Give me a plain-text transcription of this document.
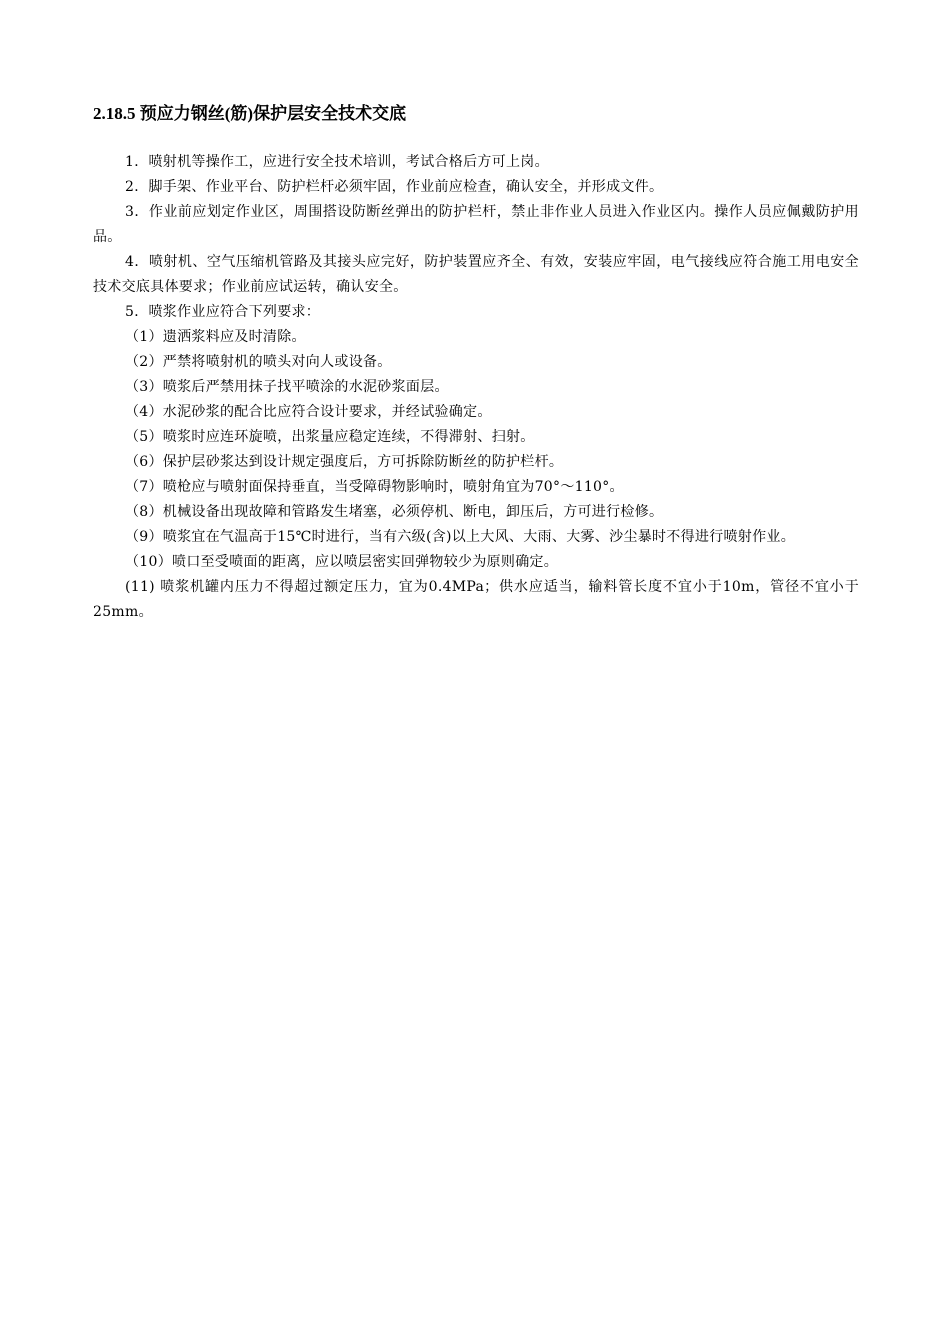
2.18.5 预应力钢丝(筋)保护层安全技术交底

1．喷射机等操作工，应进行安全技术培训，考试合格后方可上岗。

2．脚手架、作业平台、防护栏杆必须牢固，作业前应检查，确认安全，并形成文件。

3．作业前应划定作业区，周围搭设防断丝弹出的防护栏杆，禁止非作业人员进入作业区内。操作人员应佩戴防护用品。

4．喷射机、空气压缩机管路及其接头应完好，防护装置应齐全、有效，安装应牢固，电气接线应符合施工用电安全技术交底具体要求；作业前应试运转，确认安全。

5．喷浆作业应符合下列要求：

（1）遗洒浆料应及时清除。

（2）严禁将喷射机的喷头对向人或设备。

（3）喷浆后严禁用抹子找平喷涂的水泥砂浆面层。

（4）水泥砂浆的配合比应符合设计要求，并经试验确定。

（5）喷浆时应连环旋喷，出浆量应稳定连续，不得滞射、扫射。

（6）保护层砂浆达到设计规定强度后，方可拆除防断丝的防护栏杆。

（7）喷枪应与喷射面保持垂直，当受障碍物影响时，喷射角宜为70°～110°。

（8）机械设备出现故障和管路发生堵塞，必须停机、断电，卸压后，方可进行检修。

（9）喷浆宜在气温高于15℃时进行，当有六级(含)以上大风、大雨、大雾、沙尘暴时不得进行喷射作业。

（10）喷口至受喷面的距离，应以喷层密实回弹物较少为原则确定。

(11) 喷浆机罐内压力不得超过额定压力，宜为0.4MPa；供水应适当，输料管长度不宜小于10m，管径不宜小于25mm。
